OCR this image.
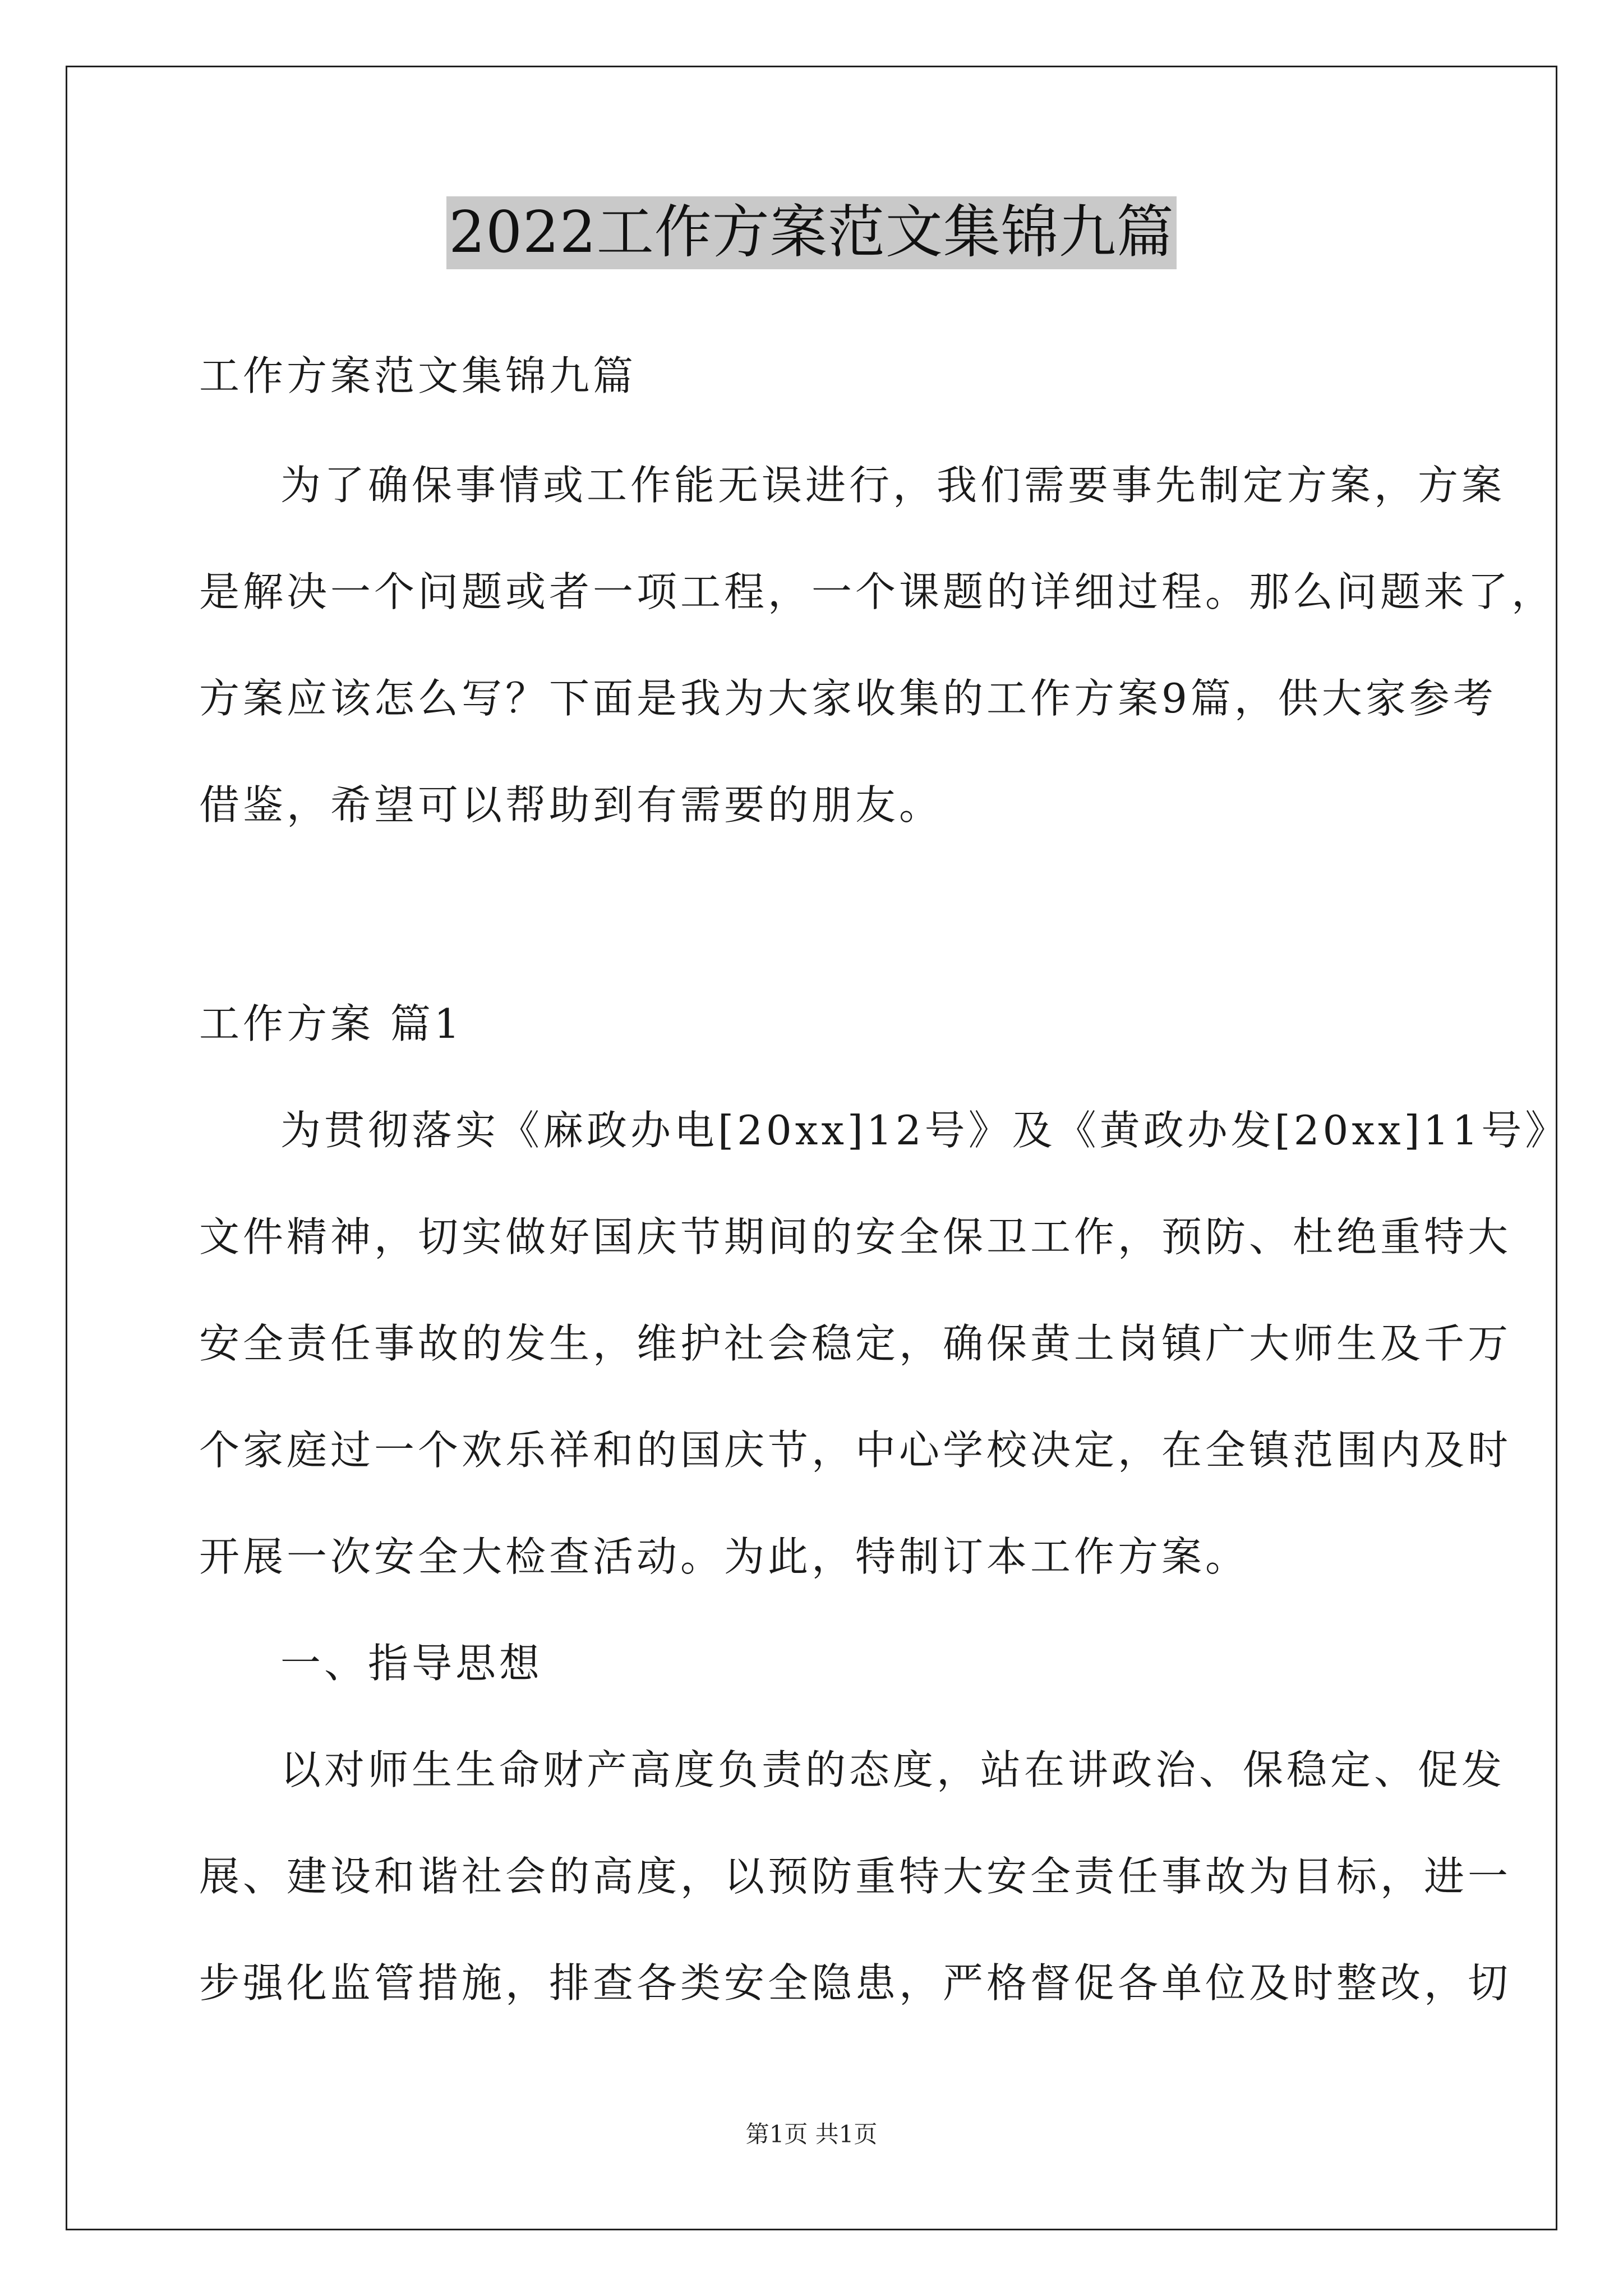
2022工作方案范文集锦九篇
工作方案范文集锦九篇
为了确保事情或工作能无误进行，我们需要事先制定方案，方案
是解决一个问题或者一项工程，一个课题的详细过程。那么问题来了，
方案应该怎么写？下面是我为大家收集的工作方案9篇，供大家参考
借鉴，希望可以帮助到有需要的朋友。
工作方案 篇1
为贯彻落实《麻政办电[20xx]12号》及《黄政办发[20xx]11号》
文件精神，切实做好国庆节期间的安全保卫工作，预防、杜绝重特大
安全责任事故的发生，维护社会稳定，确保黄土岗镇广大师生及千万
个家庭过一个欢乐祥和的国庆节，中心学校决定，在全镇范围内及时
开展一次安全大检查活动。为此，特制订本工作方案。
一、指导思想
以对师生生命财产高度负责的态度，站在讲政治、保稳定、促发
展、建设和谐社会的高度，以预防重特大安全责任事故为目标，进一
步强化监管措施，排查各类安全隐患，严格督促各单位及时整改，切
第1页 共1页
